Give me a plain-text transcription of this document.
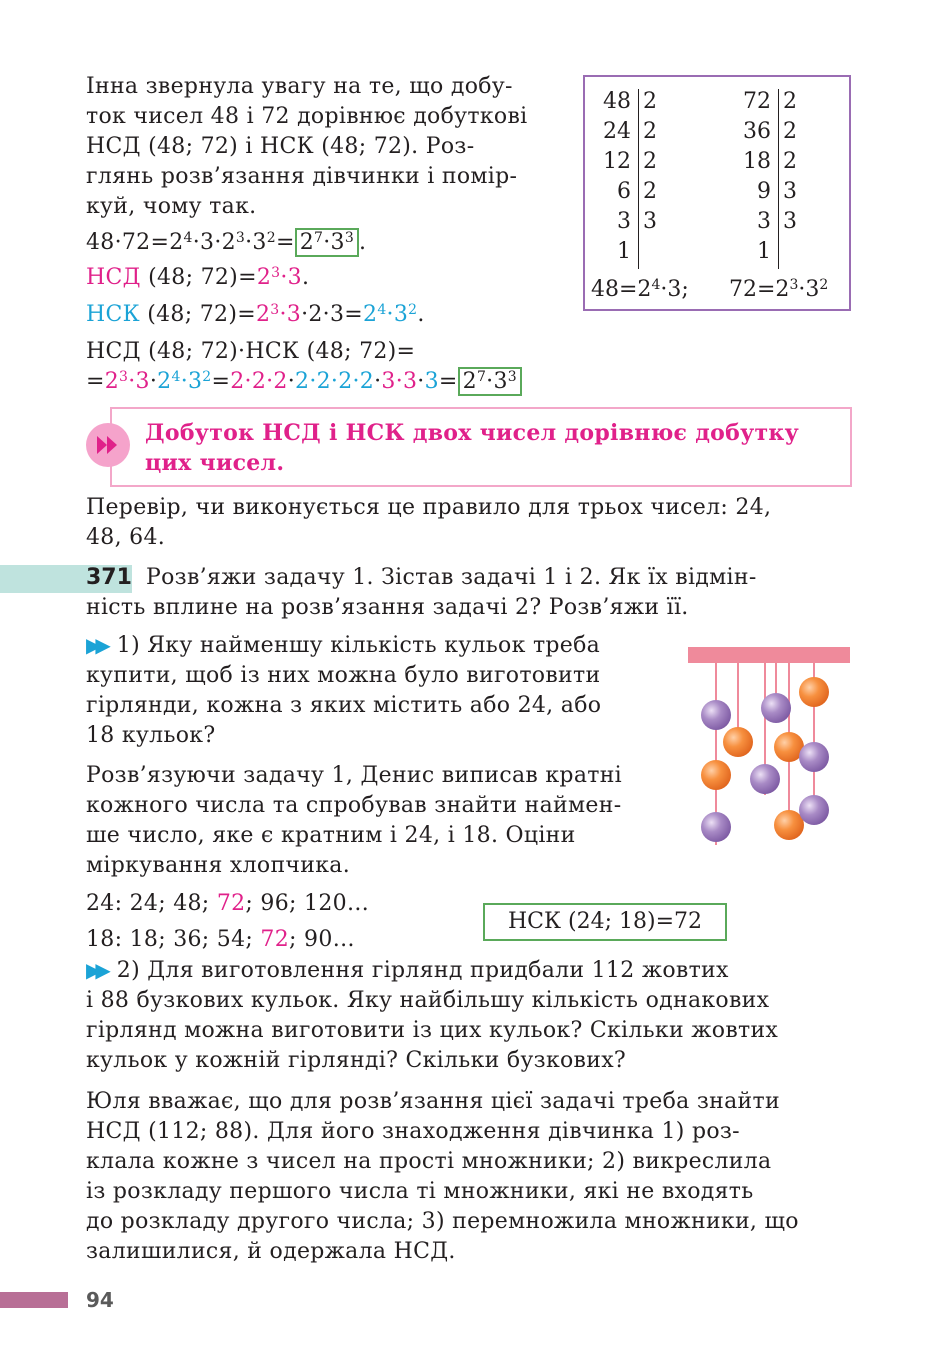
Інна звернула увагу на те, що добу-
ток чисел 48 і 72 дорівнює добуткові
НСД (48; 72) і НСК (48; 72). Роз-
глянь розв’язання дівчинки і помір-
куй, чому так.
$48\cdot 72=2^4\cdot 3\cdot 2^3\cdot 3^2= 2^7\cdot 3^3$ .
НСД (48; $72)=2^3\cdot 3$.
НСК (48; $72)=2^3\cdot 3\cdot 2\cdot 3=2^4\cdot 3^2$.
НСД (48; 72)·НСК (48; 72)=
$=2^3\cdot 3\cdot 2^4\cdot 3^2=2\cdot 2\cdot 2\cdot 2\cdot 2\cdot 2\cdot 2\cdot 3\cdot 3\cdot 3= 2^7\cdot 3^3$
48 2
24 2
12 2
6 2
3 3
1
72 2
36 2
18 2
9 3
3 3
1
$48=2^4\cdot 3$; $72=2^3\cdot 3^2$
Добуток НСД і НСК двох чисел дорівнює добутку
цих чисел.
Перевір, чи виконується це правило для трьох чисел: 24,
48, 64.
371 Розв’яжи задачу 1. Зістав задачі 1 і 2. Як їх відмін-
ність вплине на розв’язання задачі 2? Розв’яжи її.
▶▶ 1) Яку найменшу кількість кульок треба
купити, щоб із них можна було виготовити
гірлянди, кожна з яких містить або 24, або
18 кульок?
Розв’язуючи задачу 1, Денис виписав кратні
кожного числа та спробував знайти наймен-
ше число, яке є кратним і 24, і 18. Оціни
міркування хлопчика.
24: 24; 48; 72; 96; 120…
18: 18; 36; 54; 72; 90…
НСК (24; 18)=72
▶▶ 2) Для виготовлення гірлянд придбали 112 жовтих
і 88 бузкових кульок. Яку найбільшу кількість однакових
гірлянд можна виготовити із цих кульок? Скільки жовтих
кульок у кожній гірлянді? Скільки бузкових?
Юля вважає, що для розв’язання цієї задачі треба знайти
НСД (112; 88). Для його знаходження дівчинка 1) роз-
клала кожне з чисел на прості множники; 2) викреслила
із розкладу першого числа ті множники, які не входять
до розкладу другого числа; 3) перемножила множники, що
залишилися, й одержала НСД.
94
